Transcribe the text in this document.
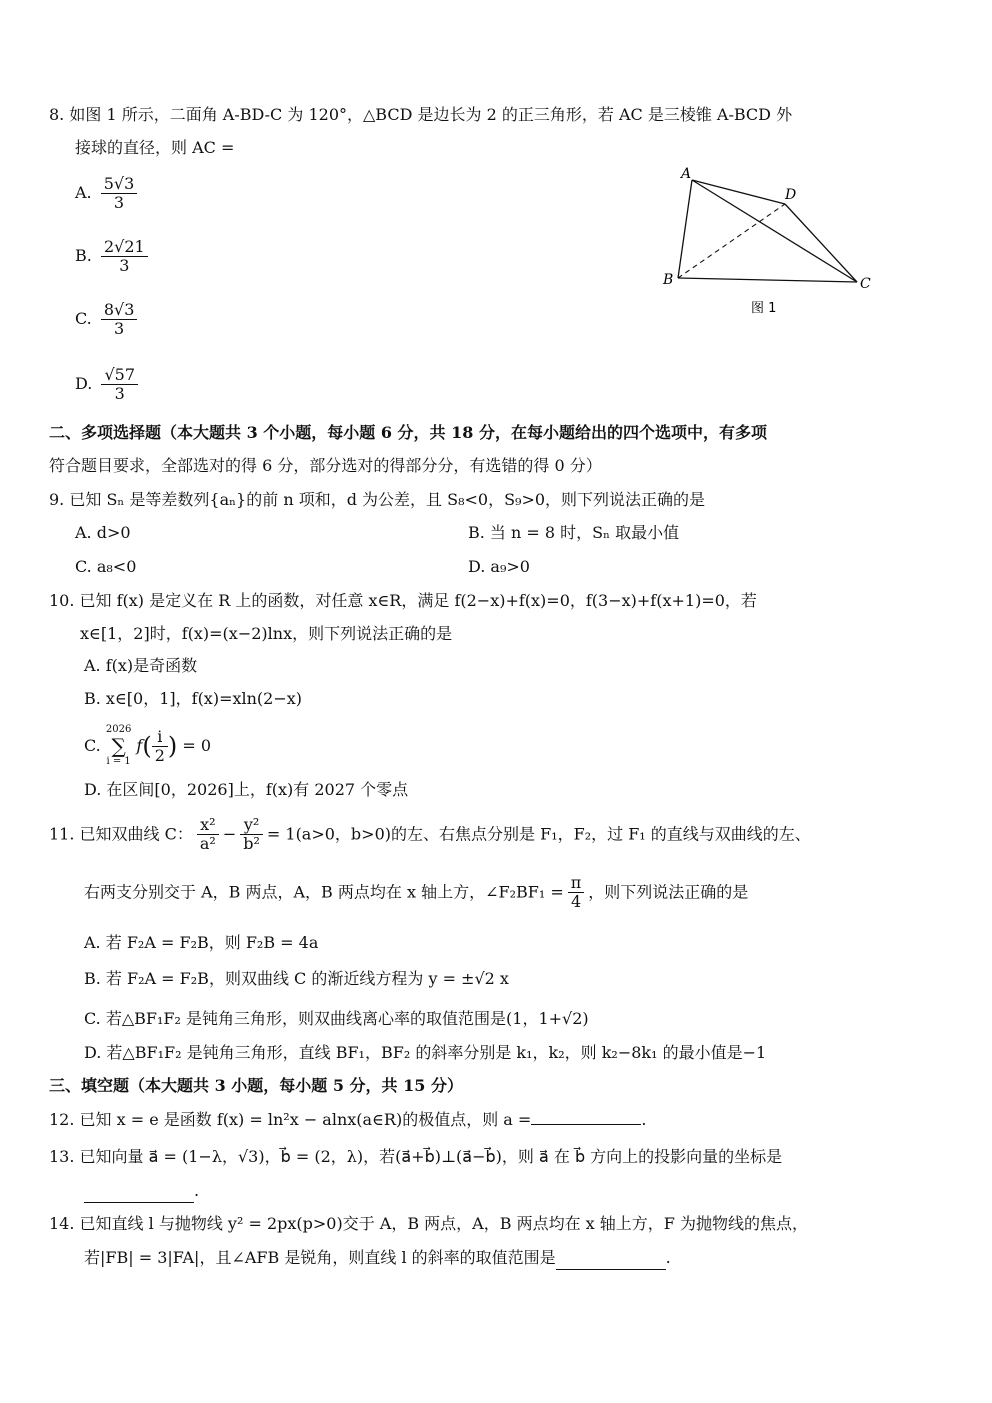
8. 如图 1 所示，二面角 A-BD-C 为 120°，△BCD 是边长为 2 的正三角形，若 AC 是三棱锥 A-BCD 外
接球的直径，则 AC =
A. $\frac{5√3}{3}$
B. $\frac{2√21}{3}$
C. $\frac{8√3}{3}$
D. $\frac{√57}{3}$
A
D
B	C
图 1
二、多项选择题（本大题共 3 个小题，每小题 6 分，共 18 分，在每小题给出的四个选项中，有多项
符合题目要求，全部选对的得 6 分，部分选对的得部分分，有选错的得 0 分）
9. 已知 Sₙ 是等差数列{aₙ}的前 n 项和，d 为公差，且 S₈<0，S₉>0，则下列说法正确的是
A. d>0	B. 当 n = 8 时，Sₙ 取最小值
C. a₈<0	D. a₉>0
10. 已知 f(x) 是定义在 R 上的函数，对任意 x∈R，满足 f(2−x)+f(x)=0，f(3−x)+f(x+1)=0，若
x∈[1，2]时，f(x)=(x−2)lnx，则下列说法正确的是
A. f(x)是奇函数
B. x∈[0，1]，f(x)=xln(2−x)
C.
2026
∑
i = 1
$f( \frac{i}{2}$ ) = 0
D. 在区间[0，2026]上，f(x)有 2027 个零点
11. 已知双曲线 C： $\frac{\text{x²}}{\text{a²}} - \frac{\text{y²}}{\text{b²}} = 1(a>0$，b>0)的左、右焦点分别是 F₁，F₂，过 F₁ 的直线与双曲线的左、
右两支分别交于 A，B 两点，A，B 两点均在 x 轴上方，∠F₂BF₁ = $\frac{\pi}{4}$ ，则下列说法正确的是
A. 若 F₂A = F₂B，则 F₂B = 4a
B. 若 F₂A = F₂B，则双曲线 C 的渐近线方程为 y = ±√2 x
C. 若△BF₁F₂ 是钝角三角形，则双曲线离心率的取值范围是(1，1+√2)
D. 若△BF₁F₂ 是钝角三角形，直线 BF₁，BF₂ 的斜率分别是 k₁，k₂，则 k₂−8k₁ 的最小值是−1
三、填空题（本大题共 3 小题，每小题 5 分，共 15 分）
12. 已知 x = e 是函数 f(x) = ln²x − alnx(a∈R)的极值点，则 a =	.
13. 已知向量 a⃗ = (1−λ，√3)，b⃗ = (2，λ)，若(a⃗+b⃗)⊥(a⃗−b⃗)，则 a⃗ 在 b⃗ 方向上的投影向量的坐标是
.
14. 已知直线 l 与抛物线 y² = 2px(p>0)交于 A，B 两点，A，B 两点均在 x 轴上方，F 为抛物线的焦点，
若|FB| = 3|FA|，且∠AFB 是锐角，则直线 l 的斜率的取值范围是	.
